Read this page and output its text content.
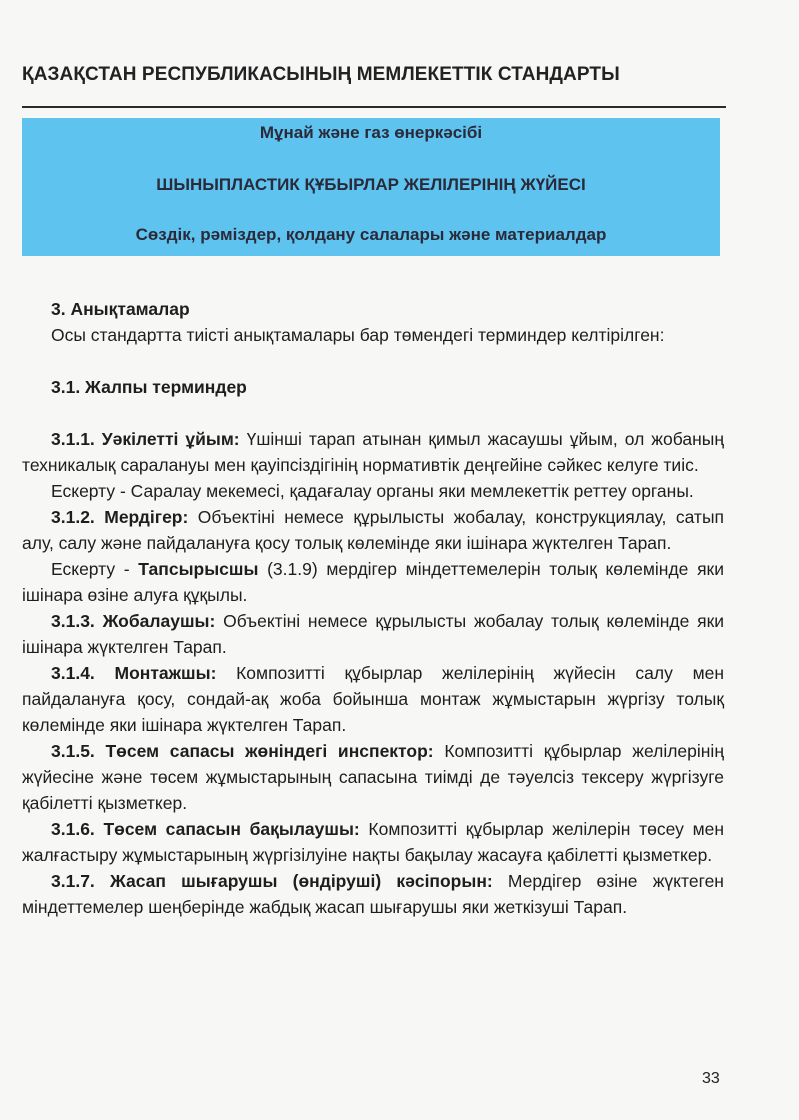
ҚАЗАҚСТАН РЕСПУБЛИКАСЫНЫҢ МЕМЛЕКЕТТІК СТАНДАРТЫ
Мұнай және газ өнеркәсібі
ШЫНЫПЛАСТИК ҚҰБЫРЛАР ЖЕЛІЛЕРІНІҢ ЖҮЙЕСІ
Сөздік, рәміздер, қолдану салалары және материалдар

3. Анықтамалар

Осы стандартта тиісті анықтамалары бар төмендегі терминдер келтірілген:

3.1. Жалпы терминдер

3.1.1. Уәкілетті ұйым: Үшінші тарап атынан қимыл жасаушы ұйым, ол жобаның техникалық саралануы мен қауіпсіздігінің нормативтік деңгейіне сәйкес келуге тиіс.

Ескерту - Саралау мекемесі, қадағалау органы яки мемлекеттік реттеу органы.

3.1.2. Мердігер: Объектіні немесе құрылысты жобалау, конструкциялау, сатып алу, салу және пайдалануға қосу толық көлемінде яки ішінара жүктелген Тарап.

Ескерту - Тапсырысшы (3.1.9) мердігер міндеттемелерін толық көлемінде яки ішінара өзіне алуға құқылы.

3.1.3. Жобалаушы: Объектіні немесе құрылысты жобалау толық көлемінде яки ішінара жүктелген Тарап.

3.1.4. Монтажшы: Композитті құбырлар желілерінің жүйесін салу мен пайдалануға қосу, сондай-ақ жоба бойынша монтаж жұмыстарын жүргізу толық көлемінде яки ішінара жүктелген Тарап.

3.1.5. Төсем сапасы жөніндегі инспектор: Композитті құбырлар желілерінің жүйесіне және төсем жұмыстарының сапасына тиімді де тәуелсіз тексеру жүргізуге қабілетті қызметкер.

3.1.6. Төсем сапасын бақылаушы: Композитті құбырлар желілерін төсеу мен жалғастыру жұмыстарының жүргізілуіне нақты бақылау жасауға қабілетті қызметкер.

3.1.7. Жасап шығарушы (өндіруші) кәсіпорын: Мердігер өзіне жүктеген міндеттемелер шеңберінде жабдық жасап шығарушы яки жеткізуші Тарап.

33
